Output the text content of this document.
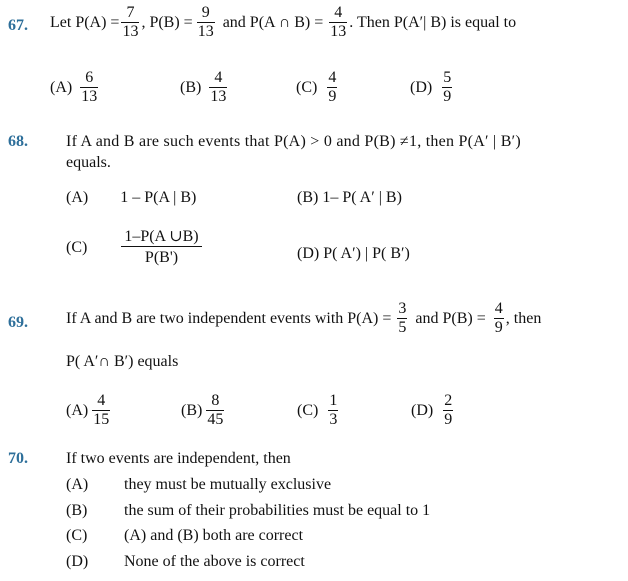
67. Let $P(A) = \frac{7}{13}$ , $P(B) = \frac{9}{13}$ and P(A ∩ $B) = \frac{4}{13}$ . Then P(A′| B) is equal to
$(A) \frac{6}{13}$	$(B) \frac{4}{13}$	$(C) \frac{4}{9}$	$(D) \frac{5}{9}$
68. If A and B are such events that P(A) > 0 and P(B) ≠1, then P(A′ | B′)
equals.
(A) 1 – P(A | B)	(B) 1– P( A′ | B)
$(C) \frac{1-P(A \cup B)}{P(B')}$	(D) P( A′) | P( B′)
69. If A and B are two independent events with $P(A) = \frac{3}{5}$ and $P(B) = \frac{4}{9}$ , then
P( A′∩ B′) equals
$(A) \frac{4}{15}$	$(B) \frac{8}{45}$	$(C) \frac{1}{3}$	$(D) \frac{2}{9}$
70. If two events are independent, then
(A)	they must be mutually exclusive
(B)	the sum of their probabilities must be equal to 1
(C)	(A) and (B) both are correct
(D)	None of the above is correct
